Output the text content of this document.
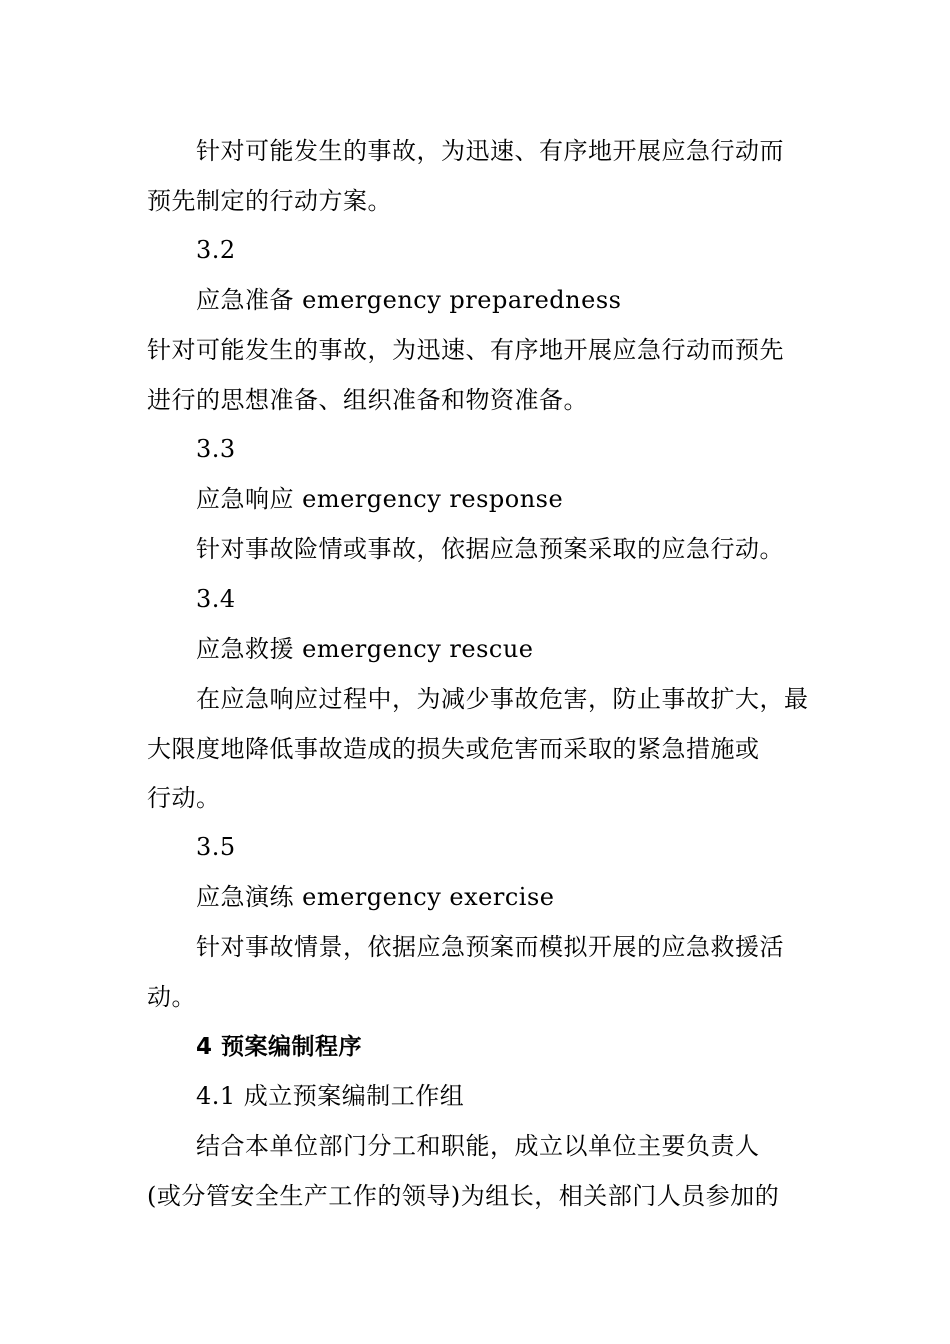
针对可能发生的事故，为迅速、有序地开展应急行动而
预先制定的行动方案。
3.2
应急准备 emergency preparedness
针对可能发生的事故，为迅速、有序地开展应急行动而预先
进行的思想准备、组织准备和物资准备。
3.3
应急响应 emergency response
针对事故险情或事故，依据应急预案采取的应急行动。
3.4
应急救援 emergency rescue
在应急响应过程中，为减少事故危害，防止事故扩大，最
大限度地降低事故造成的损失或危害而采取的紧急措施或
行动。
3.5
应急演练 emergency exercise
针对事故情景，依据应急预案而模拟开展的应急救援活
动。
4 预案编制程序
4.1 成立预案编制工作组
结合本单位部门分工和职能，成立以单位主要负责人
(或分管安全生产工作的领导)为组长，相关部门人员参加的
